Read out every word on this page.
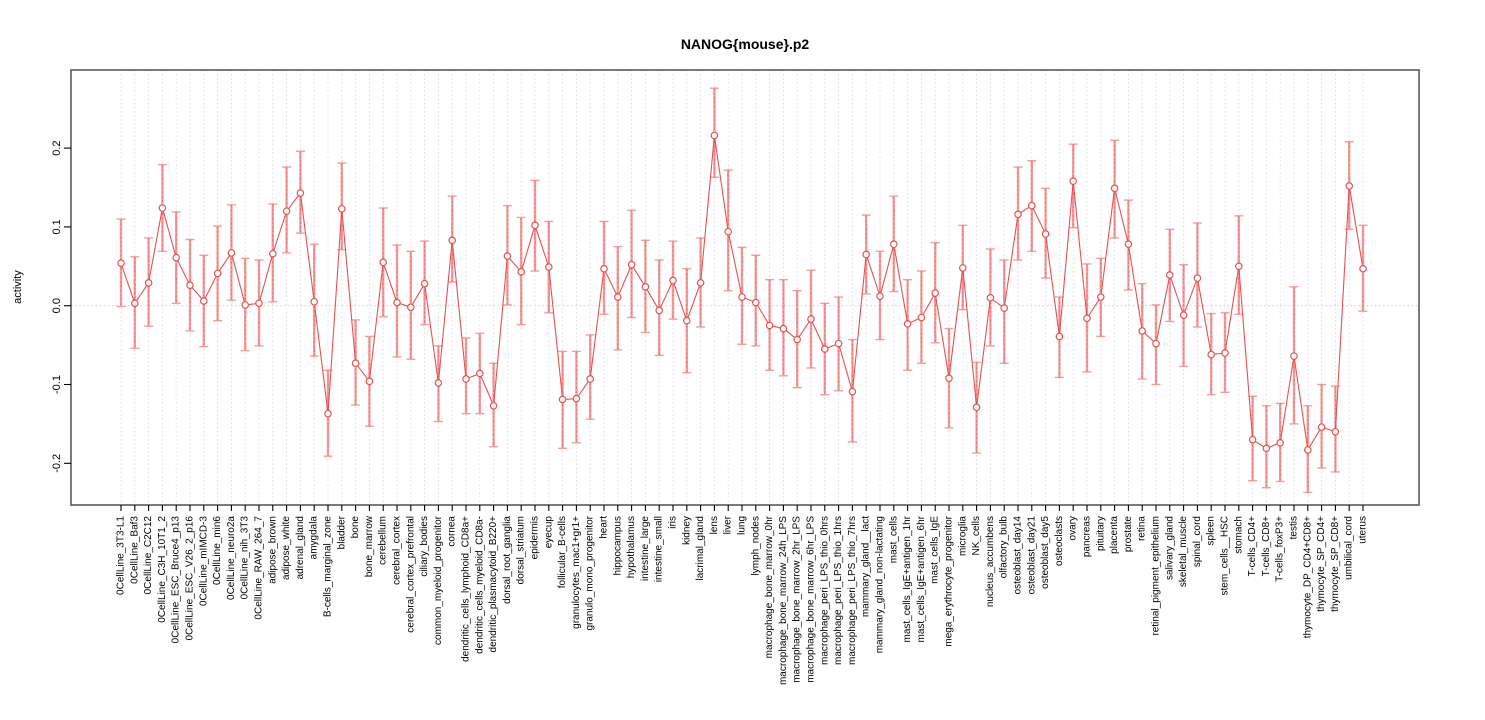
0CellLine_3T3-L1 0CellLine_Baf3 0CellLine_C2C12 0CellLine_C3H_10T1_2 0CellLine_ESC_Bruce4_p13 0CellLine_ESC_V26_2_p16 0CellLine_mIMCD-3 0CellLine_min6 0CellLine_neuro2a 0CellLine_nih_3T3 0CellLine_RAW_264_7 adipose_brown adipose_white adrenal_gland amygdala B-cells_marginal_zone bladder bone bone_marrow cerebellum cerebral_cortex cerebral_cortex_prefrontal ciliary_bodies common_myeloid_progenitor cornea dendritic_cells_lymphoid_CD8a+ dendritic_cells_myeloid_CD8a- dendritic_plasmacytoid_B220+ dorsal_root_ganglia dorsal_striatum epidermis eyecup follicular_B-cells granulocytes_mac1+gr1+ granulo_mono_progenitor heart hippocampus hypothalamus intestine_large intestine_small iris kidney lacrimal_gland lens liver lung lymph_nodes macrophage_bone_marrow_0hr macrophage_bone_marrow_24h_LPS macrophage_bone_marrow_2hr_LPS macrophage_bone_marrow_6hr_LPS macrophage_peri_LPS_thio_0hrs macrophage_peri_LPS_thio_1hrs macrophage_peri_LPS_thio_7hrs mammary_gland__lact mammary_gland_non-lactating mast_cells mast_cells_IgE+antigen_1hr mast_cells_IgE+antigen_6hr mast_cells_IgE mega_erythrocyte_progenitor microglia NK_cells nucleus_accumbens olfactory_bulb osteoblast_day14 osteoblast_day21 osteoblast_day5 osteoclasts ovary pancreas pituitary placenta prostate retina retinal_pigment_epithelium salivary_gland skeletal_muscle spinal_cord spleen stem_cells__HSC stomach T-cells_CD4+ T-cells_CD8+ T-cells_foxP3+ testis thymocyte_DP_CD4+CD8+ thymocyte_SP_CD4+ thymocyte_SP_CD8+ umbilical_cord uterus
0.2
0.1
0.0
-0.1
-0.2
NANOG{mouse}.p2
activity
